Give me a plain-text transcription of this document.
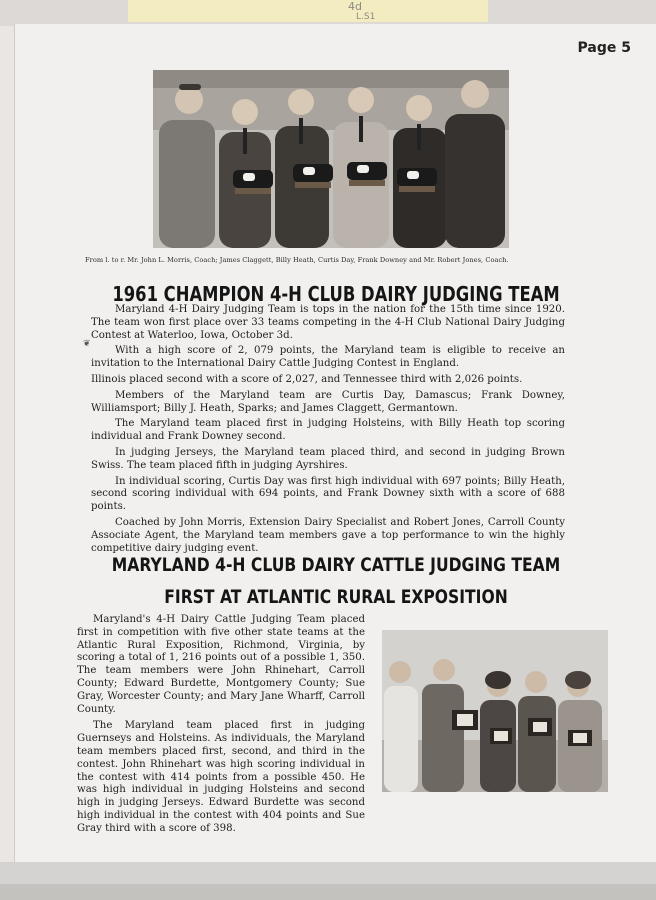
4d
L.S1
Page 5
From l. to r. Mr. John L. Morris, Coach; James Claggett, Billy Heath, Curtis Day, Frank Downey and Mr. Robert Jones, Coach.
1961 CHAMPION 4-H CLUB DAIRY JUDGING TEAM
❦

Maryland 4-H Dairy Judging Team is tops in the nation for the 15th time since 1920. The team won first place over 33 teams competing in the 4-H Club National Dairy Judging Contest at Waterloo, Iowa, October 3d.

With a high score of 2, 079 points, the Maryland team is eligible to receive an invitation to the International Dairy Cattle Judging Contest in England.

Illinois placed second with a score of 2,027, and Tennessee third with 2,026 points.

Members of the Maryland team are Curtis Day, Damascus; Frank Downey, Williamsport; Billy J. Heath, Sparks; and James Claggett, Germantown.

The Maryland team placed first in judging Holsteins, with Billy Heath top scoring individual and Frank Downey second.

In judging Jerseys, the Maryland team placed third, and second in judging Brown Swiss. The team placed fifth in judging Ayrshires.

In individual scoring, Curtis Day was first high individual with 697 points; Billy Heath, second scoring individual with 694 points, and Frank Downey sixth with a score of 688 points.

Coached by John Morris, Extension Dairy Specialist and Robert Jones, Carroll County Associate Agent, the Maryland team members gave a top performance to win the highly competitive dairy judging event.

MARYLAND 4-H CLUB DAIRY CATTLE JUDGING TEAM
FIRST AT ATLANTIC RURAL EXPOSITION

Maryland's 4-H Dairy Cattle Judging Team placed first in competition with five other state teams at the Atlantic Rural Exposition, Richmond, Virginia, by scoring a total of 1, 216 points out of a possible 1, 350. The team members were John Rhinehart, Carroll County; Edward Burdette, Montgomery County; Sue Gray, Worcester County; and Mary Jane Wharff, Carroll County.

The Maryland team placed first in judging Guernseys and Holsteins. As individuals, the Maryland team members placed first, second, and third in the contest. John Rhinehart was high scoring individual in the contest with 414 points from a possible 450. He was high individual in judging Holsteins and second high in judging Jerseys. Edward Burdette was second high individual in the contest with 404 points and Sue Gray third with a score of 398.
